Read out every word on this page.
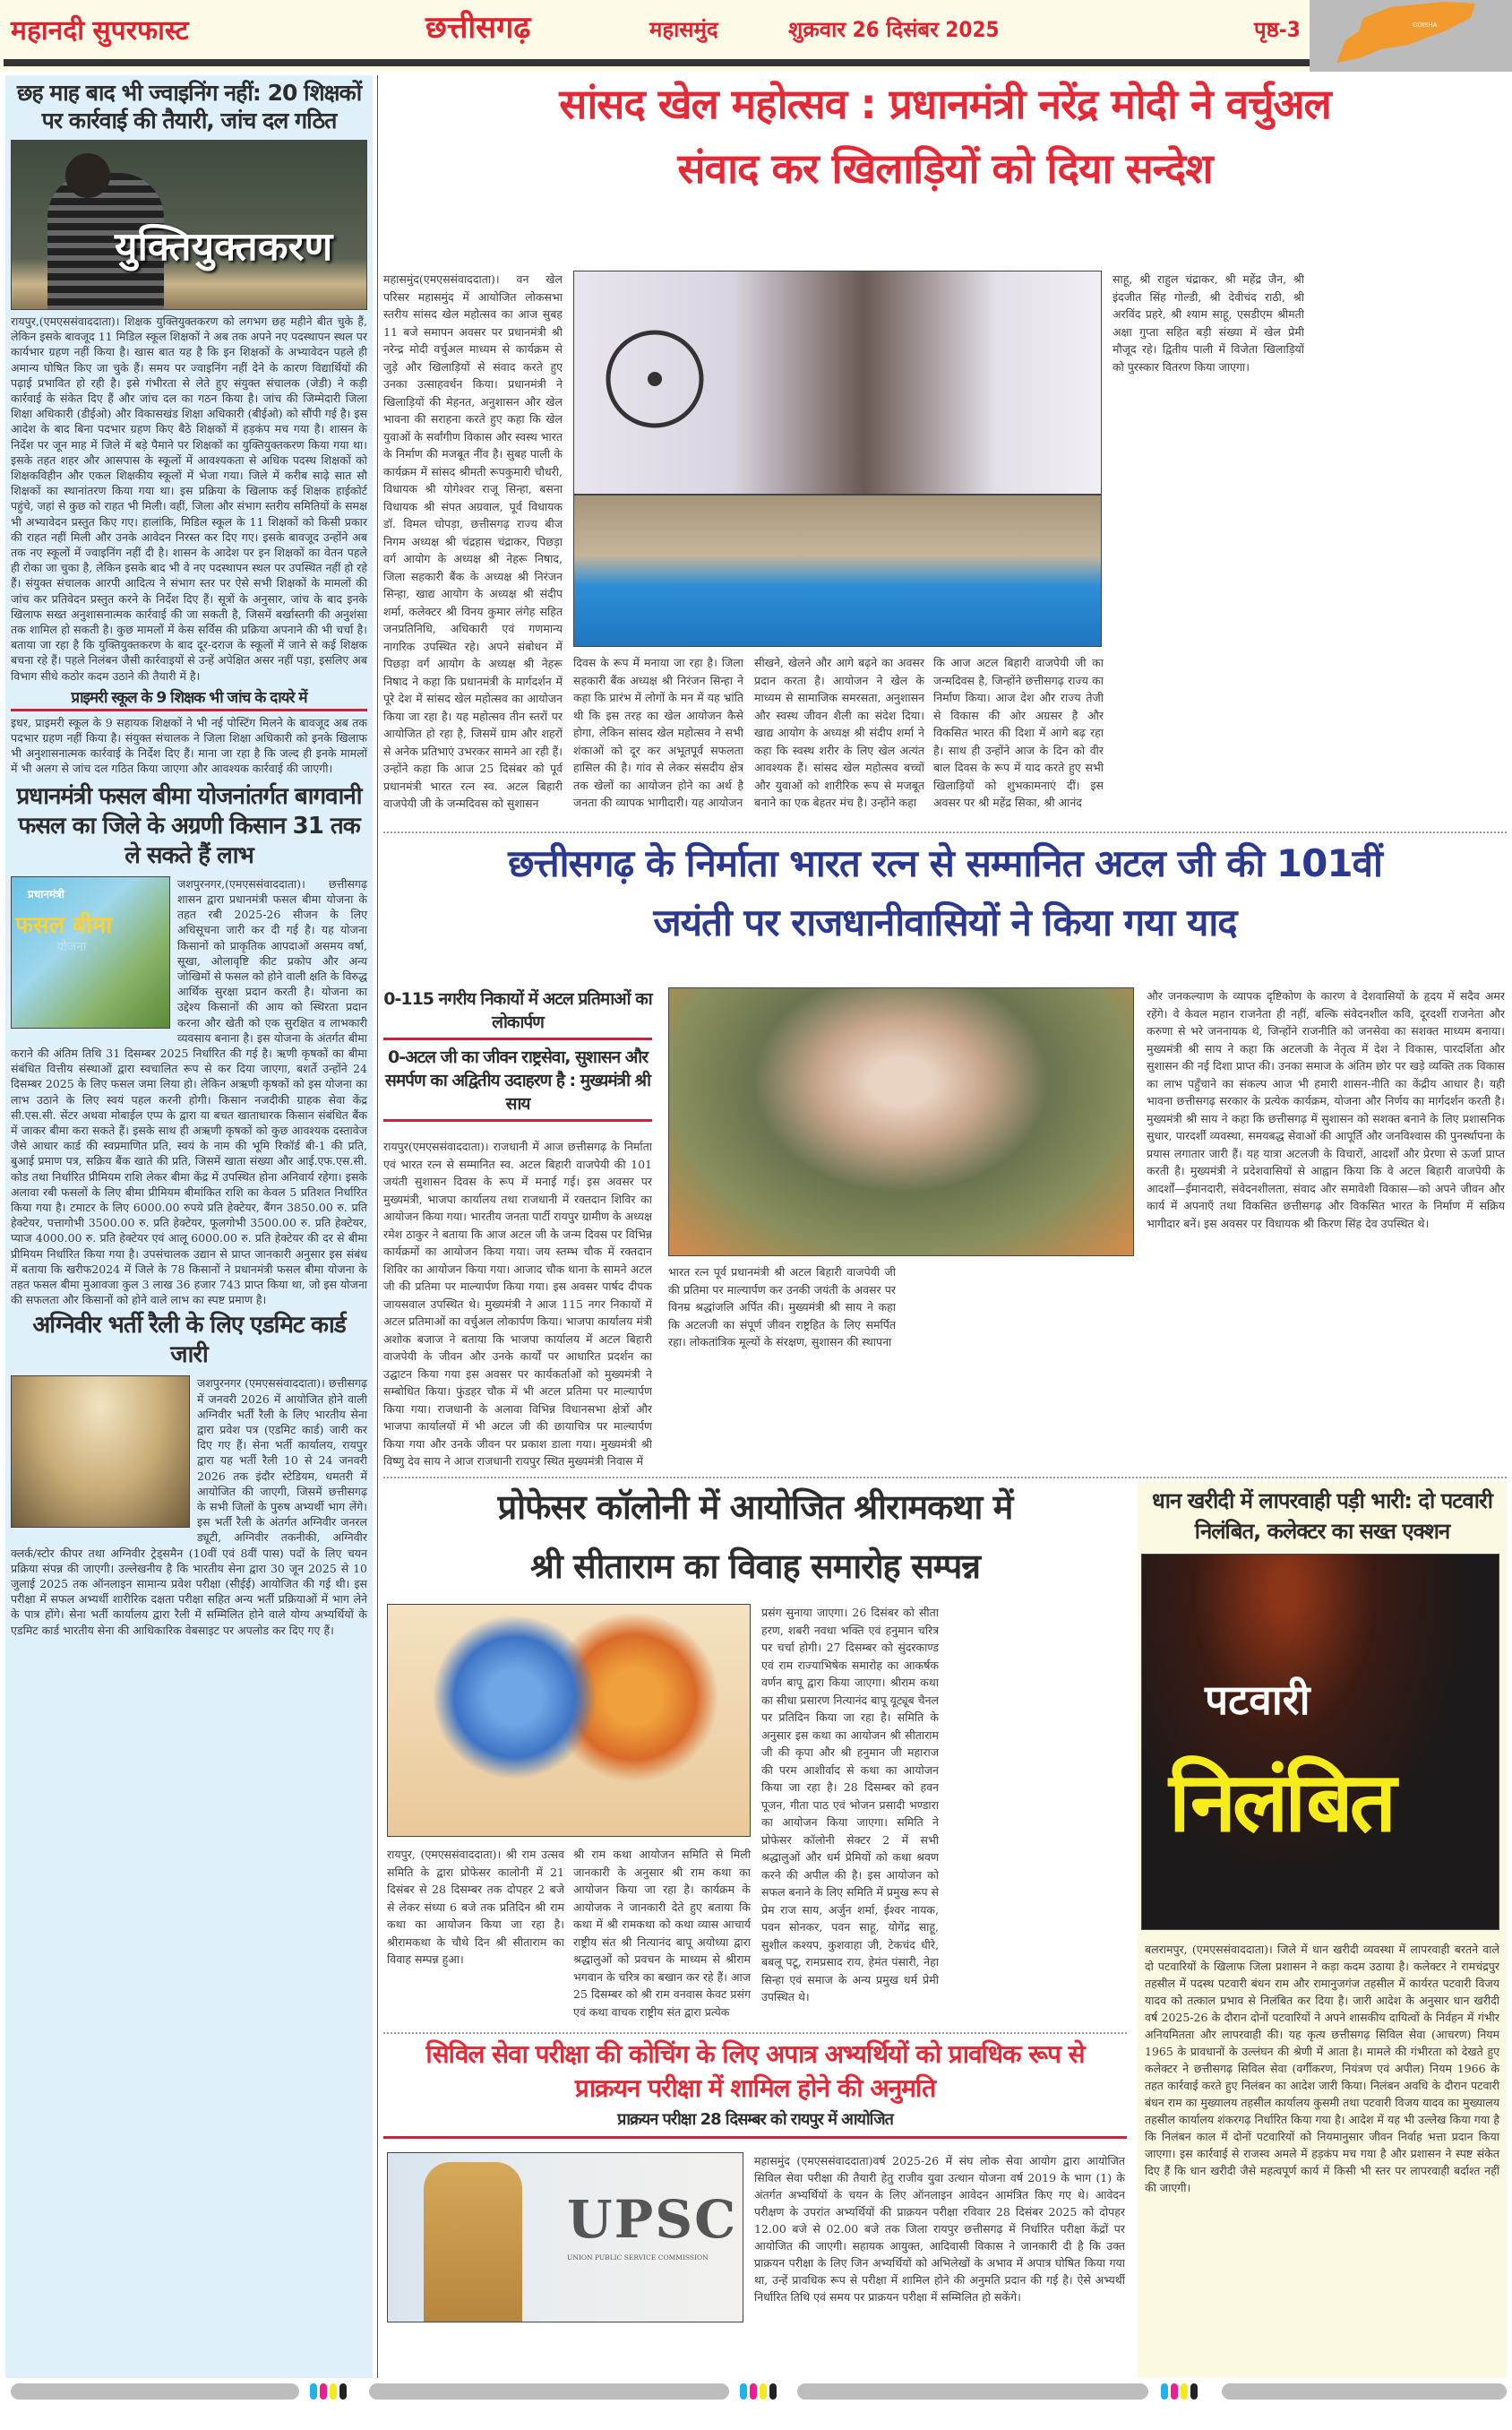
महानदी सुपरफास्ट	छत्तीसगढ़	महासमुंद	शुक्रवार 26 दिसंबर 2025	पृष्ठ-3	ODISHA
छह माह बाद भी ज्वाइनिंग नहीं: 20 शिक्षकों पर कार्रवाई की तैयारी, जांच दल गठित
युक्तियुक्तकरण
रायपुर,(एमएससंवाददाता)। शिक्षक युक्तियुक्तकरण को लगभग छह महीने बीत चुके हैं, लेकिन इसके बावजूद 11 मिडिल स्कूल शिक्षकों ने अब तक अपने नए पदस्थापन स्थल पर कार्यभार ग्रहण नहीं किया है। खास बात यह है कि इन शिक्षकों के अभ्यावेदन पहले ही अमान्य घोषित किए जा चुके हैं। समय पर ज्वाइनिंग नहीं देने के कारण विद्यार्थियों की पढ़ाई प्रभावित हो रही है। इसे गंभीरता से लेते हुए संयुक्त संचालक (जेडी) ने कड़ी कार्रवाई के संकेत दिए हैं और जांच दल का गठन किया है। जांच की जिम्मेदारी जिला शिक्षा अधिकारी (डीईओ) और विकासखंड शिक्षा अधिकारी (बीईओ) को सौंपी गई है। इस आदेश के बाद बिना पदभार ग्रहण किए बैठे शिक्षकों में हड़कंप मच गया है। शासन के निर्देश पर जून माह में जिले में बड़े पैमाने पर शिक्षकों का युक्तियुक्तकरण किया गया था। इसके तहत शहर और आसपास के स्कूलों में आवश्यकता से अधिक पदस्थ शिक्षकों को शिक्षकविहीन और एकल शिक्षकीय स्कूलों में भेजा गया। जिले में करीब साढ़े सात सौ शिक्षकों का स्थानांतरण किया गया था। इस प्रक्रिया के खिलाफ कई शिक्षक हाईकोर्ट पहुंचे, जहां से कुछ को राहत भी मिली। वहीं, जिला और संभाग स्तरीय समितियों के समक्ष भी अभ्यावेदन प्रस्तुत किए गए। हालांकि, मिडिल स्कूल के 11 शिक्षकों को किसी प्रकार की राहत नहीं मिली और उनके आवेदन निरस्त कर दिए गए। इसके बावजूद उन्होंने अब तक नए स्कूलों में ज्वाइनिंग नहीं दी है। शासन के आदेश पर इन शिक्षकों का वेतन पहले ही रोका जा चुका है, लेकिन इसके बाद भी वे नए पदस्थापन स्थल पर उपस्थित नहीं हो रहे हैं। संयुक्त संचालक आरपी आदित्य ने संभाग स्तर पर ऐसे सभी शिक्षकों के मामलों की जांच कर प्रतिवेदन प्रस्तुत करने के निर्देश दिए हैं। सूत्रों के अनुसार, जांच के बाद इनके खिलाफ सख्त अनुशासनात्मक कार्रवाई की जा सकती है, जिसमें बर्खास्तगी की अनुशंसा तक शामिल हो सकती है। कुछ मामलों में केस सर्विस की प्रक्रिया अपनाने की भी चर्चा है। बताया जा रहा है कि युक्तियुक्तकरण के बाद दूर-दराज के स्कूलों में जाने से कई शिक्षक बचना रहे हैं। पहले निलंबन जैसी कार्रवाइयों से उन्हें अपेक्षित असर नहीं पड़ा, इसलिए अब विभाग सीधे कठोर कदम उठाने की तैयारी में है।
प्राइमरी स्कूल के 9 शिक्षक भी जांच के दायरे में
इधर, प्राइमरी स्कूल के 9 सहायक शिक्षकों ने भी नई पोस्टिंग मिलने के बावजूद अब तक पदभार ग्रहण नहीं किया है। संयुक्त संचालक ने जिला शिक्षा अधिकारी को इनके खिलाफ भी अनुशासनात्मक कार्रवाई के निर्देश दिए हैं। माना जा रहा है कि जल्द ही इनके मामलों में भी अलग से जांच दल गठित किया जाएगा और आवश्यक कार्रवाई की जाएगी।
प्रधानमंत्री फसल बीमा योजनांतर्गत बागवानी फसल का जिले के अग्रणी किसान 31 तक ले सकते हैं लाभ
प्रधानमंत्री
फसल बीमा
योजना
जशपुरनगर,(एमएससंवाददाता)। छत्तीसगढ़ शासन द्वारा प्रधानमंत्री फसल बीमा योजना के तहत रबी 2025-26 सीजन के लिए अधिसूचना जारी कर दी गई है। यह योजना किसानों को प्राकृतिक आपदाओं असमय वर्षा, सूखा, ओलावृष्टि कीट प्रकोप और अन्य जोखिमों से फसल को होने वाली क्षति के विरुद्ध आर्थिक सुरक्षा प्रदान करती है। योजना का उद्देश्य किसानों की आय को स्थिरता प्रदान करना और खेती को एक सुरक्षित व लाभकारी व्यवसाय बनाना है। इस योजना के अंतर्गत बीमा कराने की अंतिम तिथि 31 दिसम्बर 2025 निर्धारित की गई है। ऋणी कृषकों का बीमा संबंधित वित्तीय संस्थाओं द्वारा स्वचालित रूप से कर दिया जाएगा, बशर्ते उन्होंने 24 दिसम्बर 2025 के लिए फसल जमा लिया हो। लेकिन अऋणी कृषकों को इस योजना का लाभ उठाने के लिए स्वयं पहल करनी होगी। किसान नजदीकी ग्राहक सेवा केंद्र सी.एस.सी. सेंटर अथवा मोबाईल एप्प के द्वारा या बचत खाताधारक किसान संबंधित बैंक में जाकर बीमा करा सकते हैं। इसके साथ ही अऋणी कृषकों को कुछ आवश्यक दस्तावेज जैसे आधार कार्ड की स्वप्रमाणित प्रति, स्वयं के नाम की भूमि रिकॉर्ड बी-1 की प्रति, बुआई प्रमाण पत्र, सक्रिय बैंक खाते की प्रति, जिसमें खाता संख्या और आई.एफ.एस.सी. कोड तथा निर्धारित प्रीमियम राशि लेकर बीमा केंद्र में उपस्थित होना अनिवार्य रहेगा। इसके अलावा रबी फसलों के लिए बीमा प्रीमियम बीमांकित राशि का केवल 5 प्रतिशत निर्धारित किया गया है। टमाटर के लिए 6000.00 रुपये प्रति हेक्टेयर, बैंगन 3850.00 रु. प्रति हेक्टेयर, पत्तागोभी 3500.00 रु. प्रति हेक्टेयर, फूलगोभी 3500.00 रु. प्रति हेक्टेयर, प्याज 4000.00 रु. प्रति हेक्टेयर एवं आलू 6000.00 रु. प्रति हेक्टेयर की दर से बीमा प्रीमियम निर्धारित किया गया है। उपसंचालक उद्यान से प्राप्त जानकारी अनुसार इस संबंध में बताया कि खरीफ2024 में जिले के 78 किसानों ने प्रधानमंत्री फसल बीमा योजना के तहत फसल बीमा मुआवजा कुल 3 लाख 36 हजार 743 प्राप्त किया था, जो इस योजना की सफलता और किसानों को होने वाले लाभ का स्पष्ट प्रमाण है।
अग्निवीर भर्ती रैली के लिए एडमिट कार्ड जारी
जशपुरनगर (एमएससंवाददाता)। छत्तीसगढ़ में जनवरी 2026 में आयोजित होने वाली अग्निवीर भर्ती रैली के लिए भारतीय सेना द्वारा प्रवेश पत्र (एडमिट कार्ड) जारी कर दिए गए हैं। सेना भर्ती कार्यालय, रायपुर द्वारा यह भर्ती रैली 10 से 24 जनवरी 2026 तक इंदौर स्टेडियम, धमतरी में आयोजित की जाएगी, जिसमें छत्तीसगढ़ के सभी जिलों के पुरुष अभ्यर्थी भाग लेंगे। इस भर्ती रैली के अंतर्गत अग्निवीर जनरल ड्यूटी, अग्निवीर तकनीकी, अग्निवीर क्लर्क/स्टोर कीपर तथा अग्निवीर ट्रेड्समैन (10वीं एवं 8वीं पास) पदों के लिए चयन प्रक्रिया संपन्न की जाएगी। उल्लेखनीय है कि भारतीय सेना द्वारा 30 जून 2025 से 10 जुलाई 2025 तक ऑनलाइन सामान्य प्रवेश परीक्षा (सीईई) आयोजित की गई थी। इस परीक्षा में सफल अभ्यर्थी शारीरिक दक्षता परीक्षा सहित अन्य भर्ती प्रक्रियाओं में भाग लेने के पात्र होंगे। सेना भर्ती कार्यालय द्वारा रैली में सम्मिलित होने वाले योग्य अभ्यर्थियों के एडमिट कार्ड भारतीय सेना की आधिकारिक वेबसाइट पर अपलोड कर दिए गए हैं।
सांसद खेल महोत्सव : प्रधानमंत्री नरेंद्र मोदी ने वर्चुअल
संवाद कर खिलाड़ियों को दिया सन्देश
महासमुंद(एमएससंवाददाता)। वन खेल परिसर महासमुंद में आयोजित लोकसभा स्तरीय सांसद खेल महोत्सव का आज सुबह 11 बजे समापन अवसर पर प्रधानमंत्री श्री नरेन्द्र मोदी वर्चुअल माध्यम से कार्यक्रम से जुड़े और खिलाड़ियों से संवाद करते हुए उनका उत्साहवर्धन किया। प्रधानमंत्री ने खिलाड़ियों की मेहनत, अनुशासन और खेल भावना की सराहना करते हुए कहा कि खेल युवाओं के सर्वांगीण विकास और स्वस्थ भारत के निर्माण की मजबूत नींव है। सुबह पाली के कार्यक्रम में सांसद श्रीमती रूपकुमारी चौधरी, विधायक श्री योगेश्वर राजू सिन्हा, बसना विधायक श्री संपत अग्रवाल, पूर्व विधायक डॉ. विमल चोपड़ा, छत्तीसगढ़ राज्य बीज निगम अध्यक्ष श्री चंद्रहास चंद्राकर, पिछड़ा वर्ग आयोग के अध्यक्ष श्री नेहरू निषाद, जिला सहकारी बैंक के अध्यक्ष श्री निरंजन सिन्हा, खाद्य आयोग के अध्यक्ष श्री संदीप शर्मा, कलेक्टर श्री विनय कुमार लंगेह सहित जनप्रतिनिधि, अधिकारी एवं गणमान्य नागरिक उपस्थित रहे। अपने संबोधन में पिछड़ा वर्ग आयोग के अध्यक्ष श्री नेहरू निषाद ने कहा कि प्रधानमंत्री के मार्गदर्शन में पूरे देश में सांसद खेल महोत्सव का आयोजन किया जा रहा है। यह महोत्सव तीन स्तरों पर आयोजित हो रहा है, जिसमें ग्राम और शहरों से अनेक प्रतिभाएं उभरकर सामने आ रही हैं। उन्होंने कहा कि आज 25 दिसंबर को पूर्व प्रधानमंत्री भारत रत्न स्व. अटल बिहारी वाजपेयी जी के जन्मदिवस को सुशासन
दिवस के रूप में मनाया जा रहा है। जिला सहकारी बैंक अध्यक्ष श्री निरंजन सिन्हा ने कहा कि प्रारंभ में लोगों के मन में यह भ्रांति थी कि इस तरह का खेल आयोजन कैसे होगा, लेकिन सांसद खेल महोत्सव ने सभी शंकाओं को दूर कर अभूतपूर्व सफलता हासिल की है। गांव से लेकर संसदीय क्षेत्र तक खेलों का आयोजन होने का अर्थ है जनता की व्यापक भागीदारी। यह आयोजन
सीखने, खेलने और आगे बढ़ने का अवसर प्रदान करता है। आयोजन ने खेल के माध्यम से सामाजिक समरसता, अनुशासन और स्वस्थ जीवन शैली का संदेश दिया। खाद्य आयोग के अध्यक्ष श्री संदीप शर्मा ने कहा कि स्वस्थ शरीर के लिए खेल अत्यंत आवश्यक हैं। सांसद खेल महोत्सव बच्चों और युवाओं को शारीरिक रूप से मजबूत बनाने का एक बेहतर मंच है। उन्होंने कहा
कि आज अटल बिहारी वाजपेयी जी का जन्मदिवस है, जिन्होंने छत्तीसगढ़ राज्य का निर्माण किया। आज देश और राज्य तेजी से विकास की ओर अग्रसर है और विकसित भारत की दिशा में आगे बढ़ रहा है। साथ ही उन्होंने आज के दिन को वीर बाल दिवस के रूप में याद करते हुए सभी खिलाड़ियों को शुभकामनाएं दीं। इस अवसर पर श्री महेंद्र सिका, श्री आनंद
साहू, श्री राहुल चंद्राकर, श्री महेंद्र जैन, श्री इंदजीत सिंह गोल्डी, श्री देवीचंद राठी, श्री अरविंद प्रहरे, श्री श्याम साहू, एसडीएम श्रीमती अक्षा गुप्ता सहित बड़ी संख्या में खेल प्रेमी मौजूद रहे। द्वितीय पाली में विजेता खिलाड़ियों को पुरस्कार वितरण किया जाएगा।
छत्तीसगढ़ के निर्माता भारत रत्न से सम्मानित अटल जी की 101वीं
जयंती पर राजधानीवासियों ने किया गया याद
0-115 नगरीय निकायों में अटल प्रतिमाओं का लोकार्पण
0-अटल जी का जीवन राष्ट्रसेवा, सुशासन और समर्पण का अद्वितीय उदाहरण है : मुख्यमंत्री श्री साय
रायपुर(एमएससंवाददाता)। राजधानी में आज छत्तीसगढ़ के निर्माता एवं भारत रत्न से सम्मानित स्व. अटल बिहारी वाजपेयी की 101 जयंती सुशासन दिवस के रूप में मनाई गई। इस अवसर पर मुख्यमंत्री, भाजपा कार्यालय तथा राजधानी में रक्तदान शिविर का आयोजन किया गया। भारतीय जनता पार्टी रायपुर ग्रामीण के अध्यक्ष रमेश ठाकुर ने बताया कि आज अटल जी के जन्म दिवस पर विभिन्न कार्यक्रमों का आयोजन किया गया। जय स्तम्भ चौक में रक्तदान शिविर का आयोजन किया गया। आजाद चौक थाना के सामने अटल जी की प्रतिमा पर माल्यार्पण किया गया। इस अवसर पार्षद दीपक जायसवाल उपस्थित थे। मुख्यमंत्री ने आज 115 नगर निकायों में अटल प्रतिमाओं का वर्चुअल लोकार्पण किया। भाजपा कार्यालय मंत्री अशोक बजाज ने बताया कि भाजपा कार्यालय में अटल बिहारी वाजपेयी के जीवन और उनके कार्यों पर आधारित प्रदर्शन का उद्घाटन किया गया इस अवसर पर कार्यकर्ताओं को मुख्यमंत्री ने सम्बोधित किया। फुंडहर चौक में भी अटल प्रतिमा पर माल्यार्पण किया गया। राजधानी के अलावा विभिन्न विधानसभा क्षेत्रों और भाजपा कार्यालयों में भी अटल जी की छायाचित्र पर माल्यार्पण किया गया और उनके जीवन पर प्रकाश डाला गया। मुख्यमंत्री श्री विष्णु देव साय ने आज राजधानी रायपुर स्थित मुख्यमंत्री निवास में
भारत रत्न पूर्व प्रधानमंत्री श्री अटल बिहारी वाजपेयी जी की प्रतिमा पर माल्यार्पण कर उनकी जयंती के अवसर पर विनम्र श्रद्धांजलि अर्पित की। मुख्यमंत्री श्री साय ने कहा कि अटलजी का संपूर्ण जीवन राष्ट्रहित के लिए समर्पित रहा। लोकतांत्रिक मूल्यों के संरक्षण, सुशासन की स्थापना
और जनकल्याण के व्यापक दृष्टिकोण के कारण वे देशवासियों के हृदय में सदैव अमर रहेंगे। वे केवल महान राजनेता ही नहीं, बल्कि संवेदनशील कवि, दूरदर्शी राजनेता और करुणा से भरे जननायक थे, जिन्होंने राजनीति को जनसेवा का सशक्त माध्यम बनाया। मुख्यमंत्री श्री साय ने कहा कि अटलजी के नेतृत्व में देश ने विकास, पारदर्शिता और सुशासन की नई दिशा प्राप्त की। उनका समाज के अंतिम छोर पर खड़े व्यक्ति तक विकास का लाभ पहुँचाने का संकल्प आज भी हमारी शासन-नीति का केंद्रीय आधार है। यही भावना छत्तीसगढ़ सरकार के प्रत्येक कार्यक्रम, योजना और निर्णय का मार्गदर्शन करती है। मुख्यमंत्री श्री साय ने कहा कि छत्तीसगढ़ में सुशासन को सशक्त बनाने के लिए प्रशासनिक सुधार, पारदर्शी व्यवस्था, समयबद्ध सेवाओं की आपूर्ति और जनविश्वास की पुनर्स्थापना के प्रयास लगातार जारी हैं। यह यात्रा अटलजी के विचारों, आदर्शों और प्रेरणा से ऊर्जा प्राप्त करती है। मुख्यमंत्री ने प्रदेशवासियों से आह्वान किया कि वे अटल बिहारी वाजपेयी के आदर्शों—ईमानदारी, संवेदनशीलता, संवाद और समावेशी विकास—को अपने जीवन और कार्य में अपनाएँ तथा विकसित छत्तीसगढ़ और विकसित भारत के निर्माण में सक्रिय भागीदार बनें। इस अवसर पर विधायक श्री किरण सिंह देव उपस्थित थे।
प्रोफेसर कॉलोनी में आयोजित श्रीरामकथा में
श्री सीताराम का विवाह समारोह सम्पन्न
रायपुर, (एमएससंवाददाता)। श्री राम उत्सव समिति के द्वारा प्रोफेसर कालोनी में 21 दिसंबर से 28 दिसम्बर तक दोपहर 2 बजे से लेकर संध्या 6 बजे तक प्रतिदिन श्री राम कथा का आयोजन किया जा रहा है। श्रीरामकथा के चौथे दिन श्री सीताराम का विवाह सम्पन्न हुआ।
श्री राम कथा आयोजन समिति से मिली जानकारी के अनुसार श्री राम कथा का आयोजन किया जा रहा है। कार्यक्रम के आयोजक ने जानकारी देते हुए बताया कि कथा में श्री रामकथा को कथा व्यास आचार्य राष्ट्रीय संत श्री नित्यानंद बापू अयोध्या द्वारा श्रद्धालुओं को प्रवचन के माध्यम से श्रीराम भगवान के चरित्र का बखान कर रहे हैं। आज 25 दिसम्बर को श्री राम वनवास केवट प्रसंग एवं कथा वाचक राष्ट्रीय संत द्वारा प्रत्येक
प्रसंग सुनाया जाएगा। 26 दिसंबर को सीता हरण, शबरी नवधा भक्ति एवं हनुमान चरित्र पर चर्चा होगी। 27 दिसम्बर को सुंदरकाण्ड एवं राम राज्याभिषेक समारोह का आकर्षक वर्णन बापू द्वारा किया जाएगा। श्रीराम कथा का सीधा प्रसारण नित्यानंद बापू यूट्यूब चैनल पर प्रतिदिन किया जा रहा है। समिति के अनुसार इस कथा का आयोजन श्री सीताराम जी की कृपा और श्री हनुमान जी महाराज की परम आशीर्वाद से कथा का आयोजन किया जा रहा है। 28 दिसम्बर को हवन पूजन, गीता पाठ एवं भोजन प्रसादी भण्डारा का आयोजन किया जाएगा। समिति ने प्रोफेसर कॉलोनी सेक्टर 2 में सभी श्रद्धालुओं और धर्म प्रेमियों को कथा श्रवण करने की अपील की है। इस आयोजन को सफल बनाने के लिए समिति में प्रमुख रूप से प्रेम राज साय, अर्जुन शर्मा, ईश्वर नायक, पवन सोनकर, पवन साहू, योगेंद्र साहू, सुशील कश्यप, कुशवाहा जी, टेकचंद धीरे, बबलू पटू, रामप्रसाद राय, हेमंत पंसारी, नेहा सिन्हा एवं समाज के अन्य प्रमुख धर्म प्रेमी उपस्थित थे।
धान खरीदी में लापरवाही पड़ी भारी: दो पटवारी निलंबित, कलेक्टर का सख्त एक्शन
पटवारी
निलंबित
बलरामपुर, (एमएससंवाददाता)। जिले में धान खरीदी व्यवस्था में लापरवाही बरतने वाले दो पटवारियों के खिलाफ जिला प्रशासन ने कड़ा कदम उठाया है। कलेक्टर ने रामचंद्रपुर तहसील में पदस्थ पटवारी बंधन राम और रामानुजगंज तहसील में कार्यरत पटवारी विजय यादव को तत्काल प्रभाव से निलंबित कर दिया है। जारी आदेश के अनुसार धान खरीदी वर्ष 2025-26 के दौरान दोनों पटवारियों ने अपने शासकीय दायित्वों के निर्वहन में गंभीर अनियमितता और लापरवाही की। यह कृत्य छत्तीसगढ़ सिविल सेवा (आचरण) नियम 1965 के प्रावधानों के उल्लंघन की श्रेणी में आता है। मामले की गंभीरता को देखते हुए कलेक्टर ने छत्तीसगढ़ सिविल सेवा (वर्गीकरण, नियंत्रण एवं अपील) नियम 1966 के तहत कार्रवाई करते हुए निलंबन का आदेश जारी किया। निलंबन अवधि के दौरान पटवारी बंधन राम का मुख्यालय तहसील कार्यालय कुसमी तथा पटवारी विजय यादव का मुख्यालय तहसील कार्यालय शंकरगढ़ निर्धारित किया गया है। आदेश में यह भी उल्लेख किया गया है कि निलंबन काल में दोनों पटवारियों को नियमानुसार जीवन निर्वाह भत्ता प्रदान किया जाएगा। इस कार्रवाई से राजस्व अमले में हड़कंप मच गया है और प्रशासन ने स्पष्ट संकेत दिए हैं कि धान खरीदी जैसे महत्वपूर्ण कार्य में किसी भी स्तर पर लापरवाही बर्दाश्त नहीं की जाएगी।
सिविल सेवा परीक्षा की कोचिंग के लिए अपात्र अभ्यर्थियों को प्रावधिक रूप से
प्राक्रयन परीक्षा में शामिल होने की अनुमति
प्राक्रयन परीक्षा 28 दिसम्बर को रायपुर में आयोजित
UPSC
UNION PUBLIC SERVICE COMMISSION
महासमुंद (एमएससंवाददाता)वर्ष 2025-26 में संघ लोक सेवा आयोग द्वारा आयोजित सिविल सेवा परीक्षा की तैयारी हेतु राजीव युवा उत्थान योजना वर्ष 2019 के भाग (1) के अंतर्गत अभ्यर्थियों के चयन के लिए ऑनलाइन आवेदन आमंत्रित किए गए थे। आवेदन परीक्षण के उपरांत अभ्यर्थियों की प्राक्रयन परीक्षा रविवार 28 दिसंबर 2025 को दोपहर 12.00 बजे से 02.00 बजे तक जिला रायपुर छत्तीसगढ़ में निर्धारित परीक्षा केंद्रों पर आयोजित की जाएगी। सहायक आयुक्त, आदिवासी विकास ने जानकारी दी है कि उक्त प्राक्रयन परीक्षा के लिए जिन अभ्यर्थियों को अभिलेखों के अभाव में अपात्र घोषित किया गया था, उन्हें प्रावधिक रूप से परीक्षा में शामिल होने की अनुमति प्रदान की गई है। ऐसे अभ्यर्थी निर्धारित तिथि एवं समय पर प्राक्रयन परीक्षा में सम्मिलित हो सकेंगे।
